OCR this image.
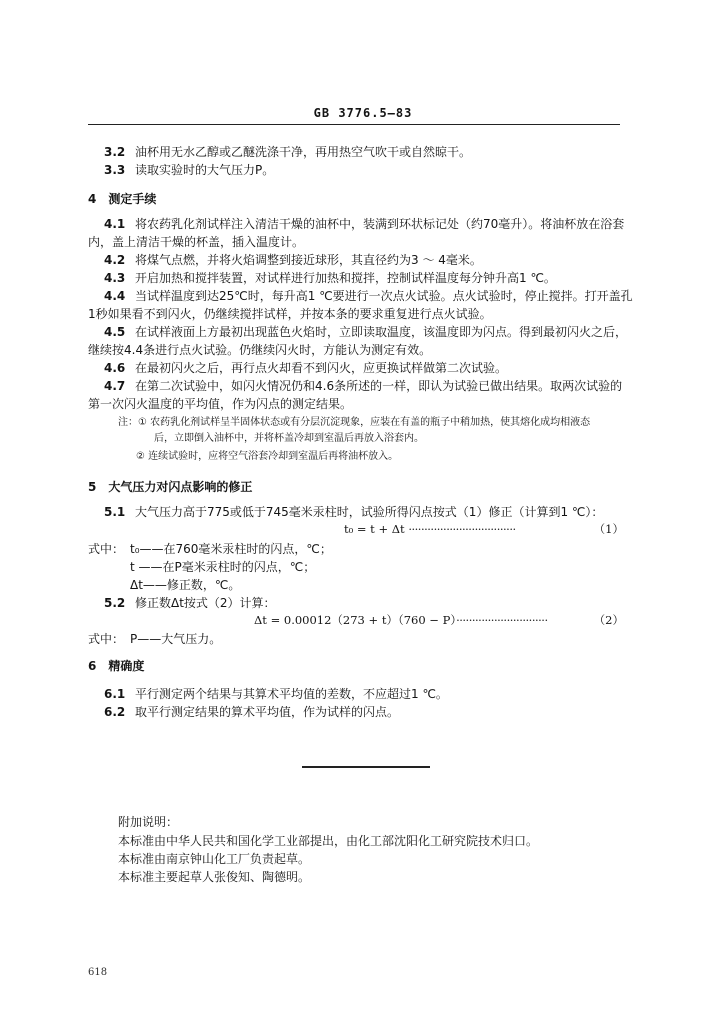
GB 3776.5—83
3.2 油杯用无水乙醇或乙醚洗涤干净，再用热空气吹干或自然晾干。
3.3 读取实验时的大气压力P。
4　测定手续
4.1 将农药乳化剂试样注入清洁干燥的油杯中，装满到环状标记处（约70毫升）。将油杯放在浴套
内，盖上清洁干燥的杯盖，插入温度计。
4.2 将煤气点燃，并将火焰调整到接近球形，其直径约为3 ～ 4毫米。
4.3 开启加热和搅拌装置，对试样进行加热和搅拌，控制试样温度每分钟升高1 ℃。
4.4 当试样温度到达25℃时，每升高1 ℃要进行一次点火试验。点火试验时，停止搅拌。打开盖孔
1秒如果看不到闪火，仍继续搅拌试样，并按本条的要求重复进行点火试验。
4.5 在试样液面上方最初出现蓝色火焰时，立即读取温度，该温度即为闪点。得到最初闪火之后，
继续按4.4条进行点火试验。仍继续闪火时，方能认为测定有效。
4.6 在最初闪火之后，再行点火却看不到闪火，应更换试样做第二次试验。
4.7 在第二次试验中，如闪火情况仍和4.6条所述的一样，即认为试验已做出结果。取两次试验的
第一次闪火温度的平均值，作为闪点的测定结果。
注：① 农药乳化剂试样呈半固体状态或有分层沉淀现象，应装在有盖的瓶子中稍加热，使其熔化成均相液态
后，立即倒入油杯中，并将杯盖冷却到室温后再放入浴套内。
② 连续试验时，应将空气浴套冷却到室温后再将油杯放入。
5　大气压力对闪点影响的修正
5.1 大气压力高于775或低于745毫米汞柱时，试验所得闪点按式（1）修正（计算到1 ℃）：
t₀ = t + Δt ··································	（1）
式中： t₀——在760毫米汞柱时的闪点，℃；
t ——在P毫米汞柱时的闪点，℃；
Δt——修正数，℃。
5.2 修正数Δt按式（2）计算：
Δt = 0.00012（273 + t）（760 − P）·····························	（2）
式中： P——大气压力。
6　精确度
6.1 平行测定两个结果与其算术平均值的差数，不应超过1 ℃。
6.2 取平行测定结果的算术平均值，作为试样的闪点。
附加说明：
本标准由中华人民共和国化学工业部提出，由化工部沈阳化工研究院技术归口。
本标准由南京钟山化工厂负责起草。
本标准主要起草人张俊知、陶德明。
618
